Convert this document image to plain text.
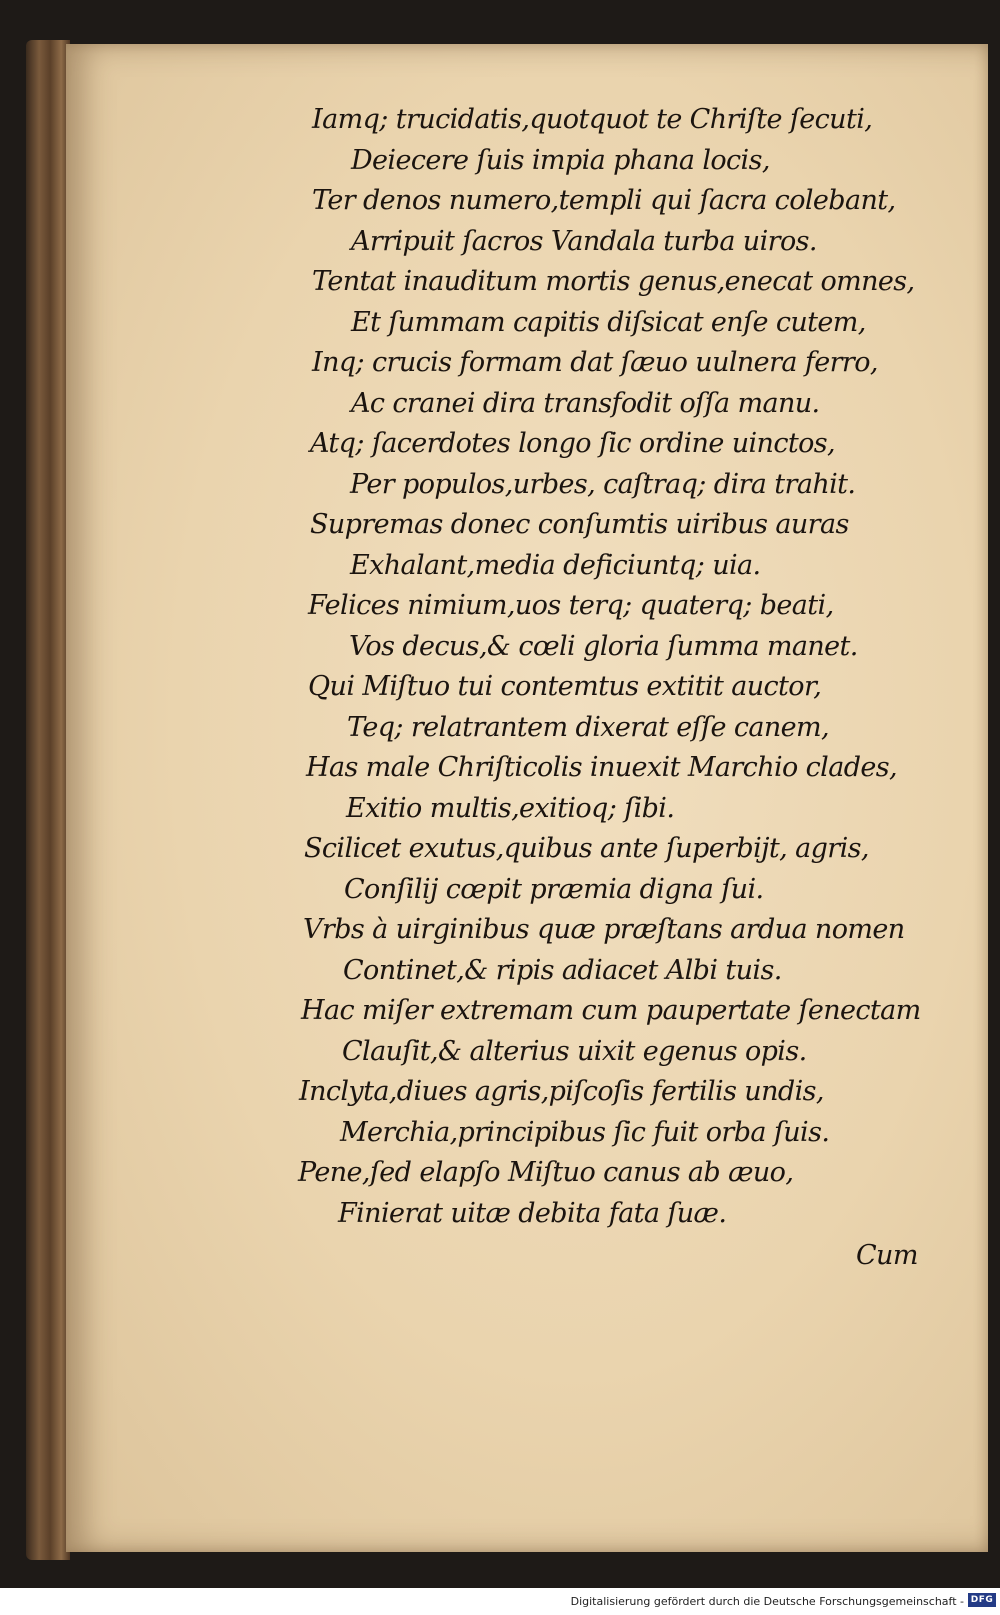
Iamq; trucidatis,quotquot te Chriſte ſecuti,
Deiecere ſuis impia phana locis,
Ter denos numero,templi qui ſacra colebant,
Arripuit ſacros Vandala turba uiros.
Tentat inauditum mortis genus,enecat omnes,
Et ſummam capitis diſsicat enſe cutem,
Inq; crucis formam dat ſæuo uulnera ferro,
Ac cranei dira transfodit oſſa manu.
Atq; ſacerdotes longo ſic ordine uinctos,
Per populos,urbes, caſtraq; dira trahit.
Supremas donec conſumtis uiribus auras
Exhalant,media deficiuntq; uia.
Felices nimium,uos terq; quaterq; beati,
Vos decus,& cœli gloria ſumma manet.
Qui Miſtuo tui contemtus extitit auctor,
Teq; relatrantem dixerat eſſe canem,
Has male Chriſticolis inuexit Marchio clades,
Exitio multis,exitioq; ſibi.
Scilicet exutus,quibus ante ſuperbijt, agris,
Conſilij cœpit præmia digna ſui.
Vrbs à uirginibus quæ præſtans ardua nomen
Continet,& ripis adiacet Albi tuis.
Hac miſer extremam cum paupertate ſenectam
Clauſit,& alterius uixit egenus opis.
Inclyta,diues agris,piſcoſis fertilis undis,
Merchia,principibus ſic fuit orba ſuis.
Pene,ſed elapſo Miſtuo canus ab æuo,
Finierat uitæ debita fata ſuæ.
Cum
Digitalisierung gefördert durch die Deutsche Forschungsgemeinschaft - DFG
